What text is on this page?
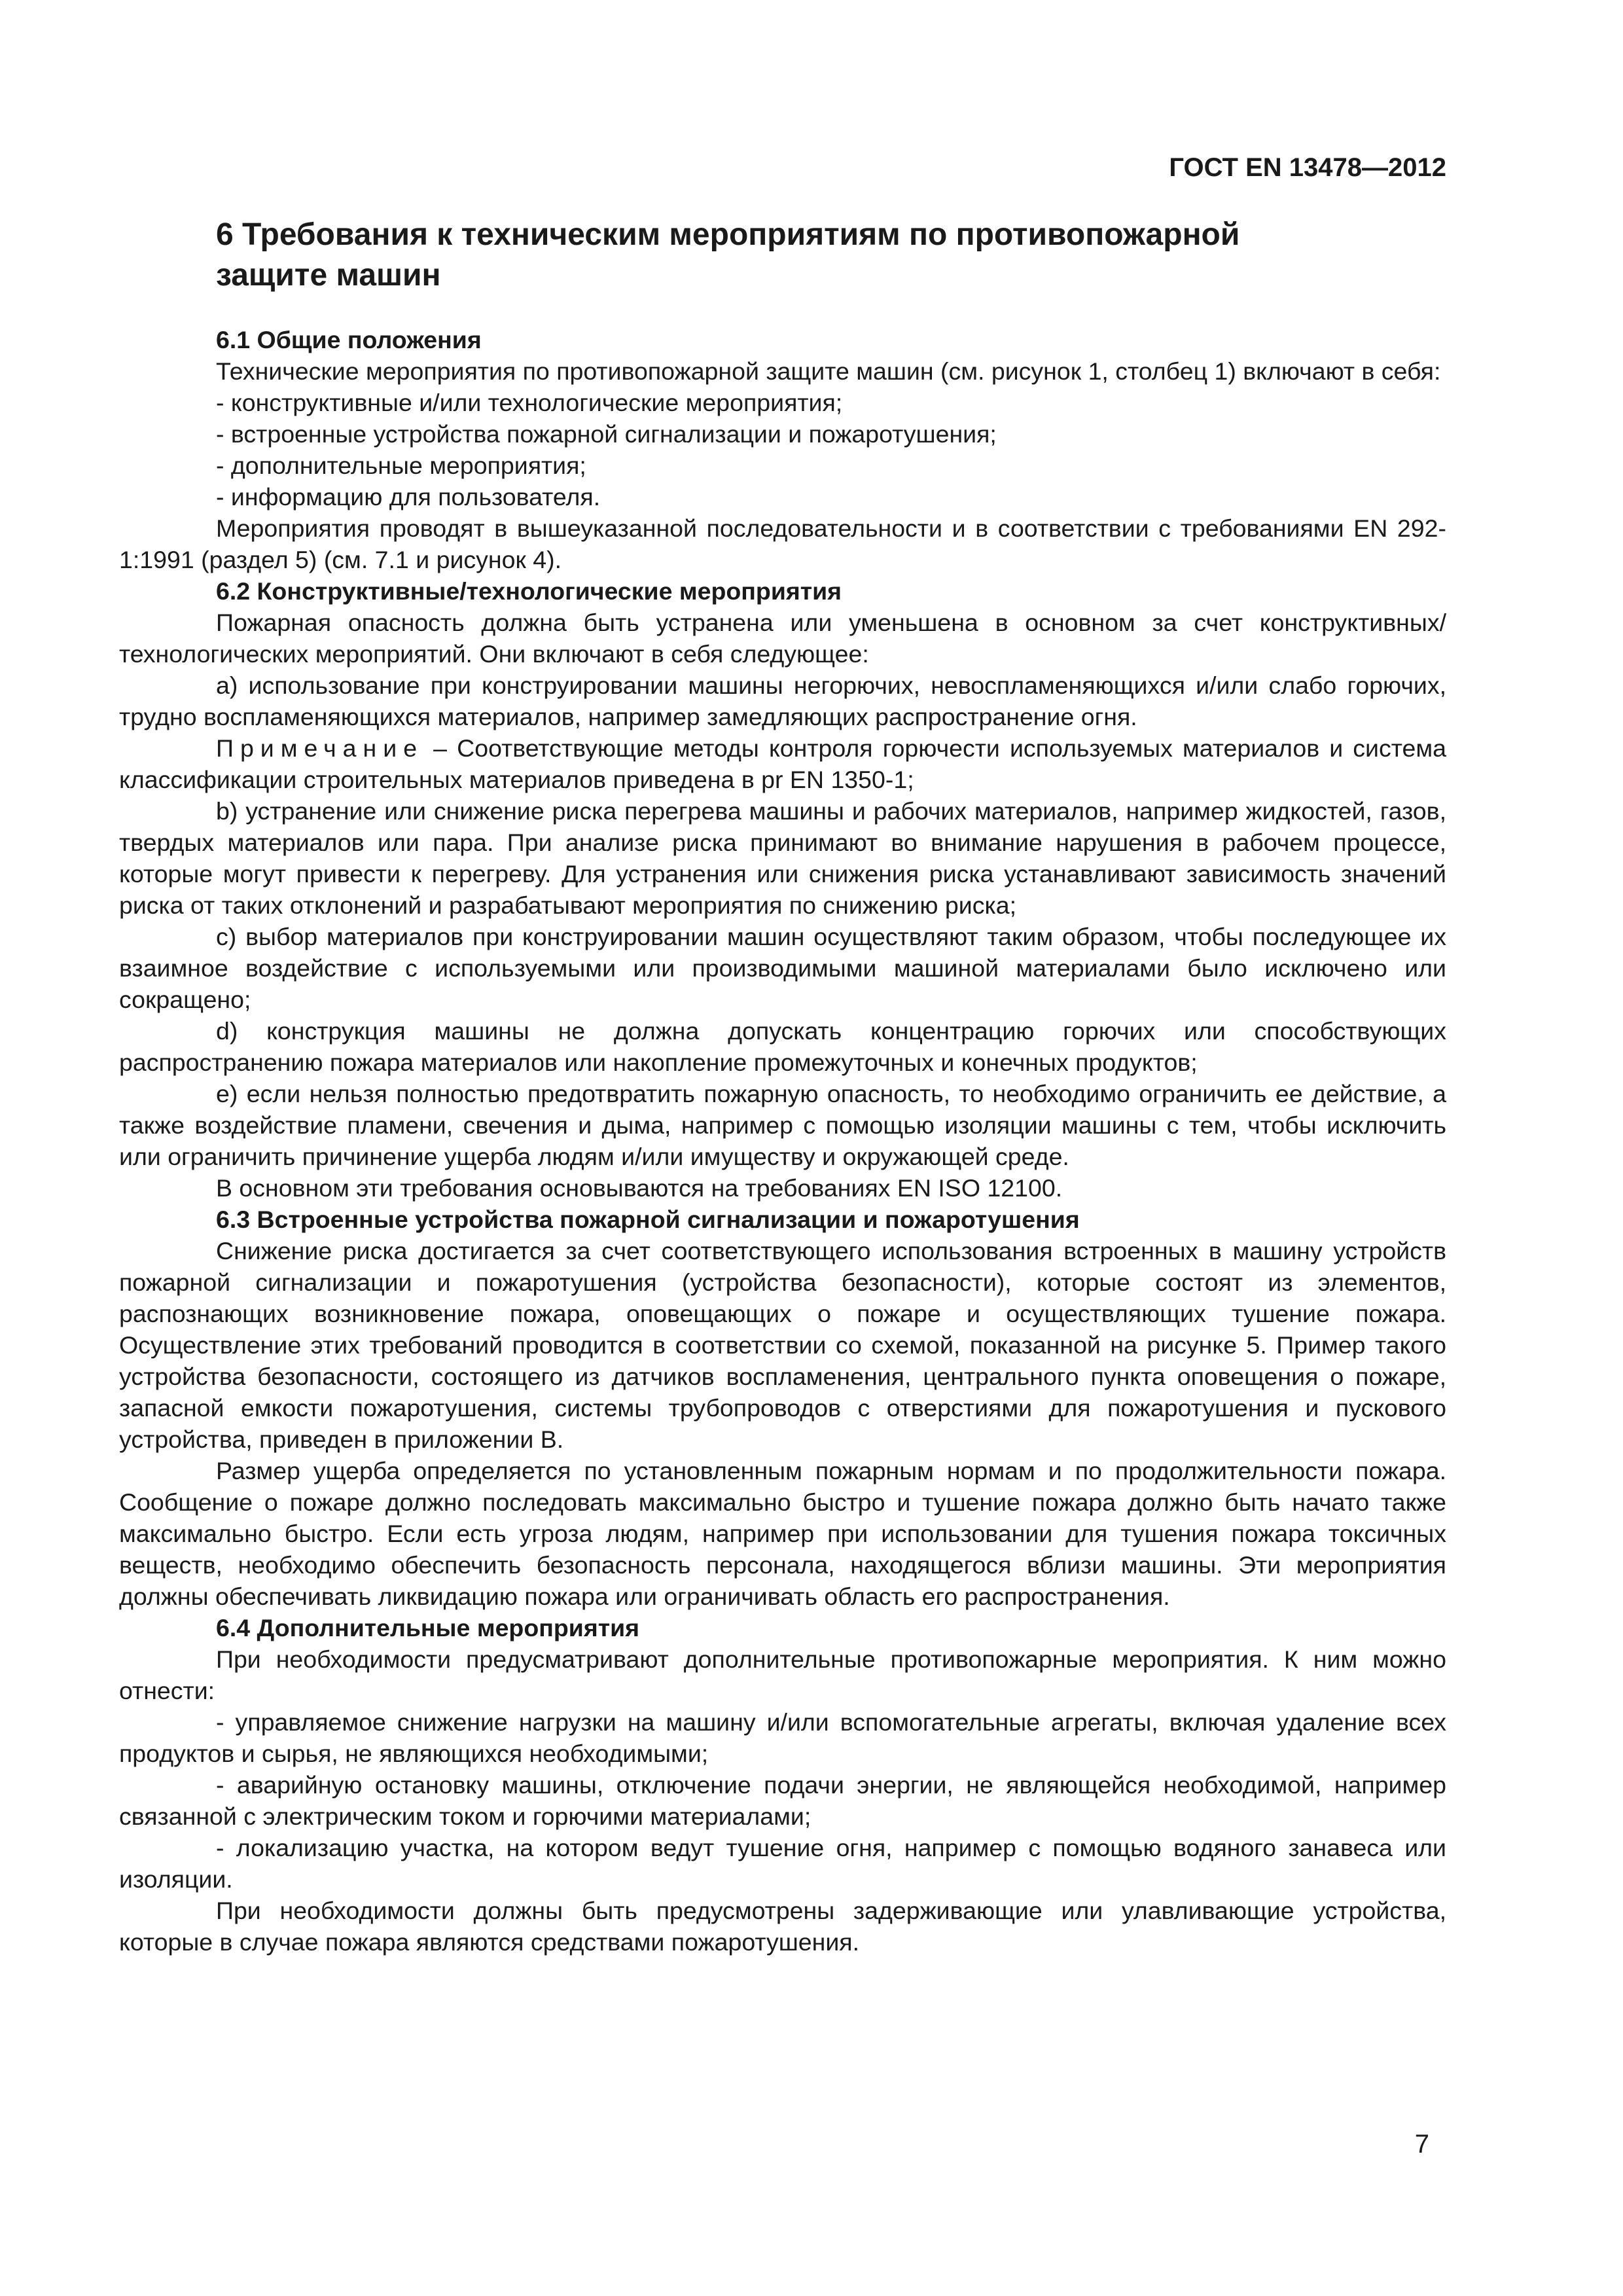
ГОСТ EN 13478—2012
6 Требования к техническим мероприятиям по противопожарной защите машин
6.1 Общие положения

Технические мероприятия по противопожарной защите машин (см. рисунок 1, столбец 1) включают в себя:

- конструктивные и/или технологические мероприятия;

- встроенные устройства пожарной сигнализации и пожаротушения;

- дополнительные мероприятия;

- информацию для пользователя.

Мероприятия проводят в вышеуказанной последовательности и в соответствии с требованиями EN 292-1:1991 (раздел 5) (см. 7.1 и рисунок 4).

6.2 Конструктивные/технологические мероприятия

Пожарная опасность должна быть устранена или уменьшена в основном за счет конструктивных/технологических мероприятий. Они включают в себя следующее:

а) использование при конструировании машины негорючих, невоспламеняющихся и/или слабо горючих, трудно воспламеняющихся материалов, например замедляющих распространение огня.

Примечание – Соответствующие методы контроля горючести используемых материалов и система классификации строительных материалов приведена в pr EN 1350-1;

b) устранение или снижение риска перегрева машины и рабочих материалов, например жидкостей, газов, твердых материалов или пара. При анализе риска принимают во внимание нарушения в рабочем процессе, которые могут привести к перегреву. Для устранения или снижения риска устанавливают зависимость значений риска от таких отклонений и разрабатывают мероприятия по снижению риска;

с) выбор материалов при конструировании машин осуществляют таким образом, чтобы последующее их взаимное воздействие с используемыми или производимыми машиной материалами было исключено или сокращено;

d) конструкция машины не должна допускать концентрацию горючих или способствующих распространению пожара материалов или накопление промежуточных и конечных продуктов;

е) если нельзя полностью предотвратить пожарную опасность, то необходимо ограничить ее действие, а также воздействие пламени, свечения и дыма, например с помощью изоляции машины с тем, чтобы исключить или ограничить причинение ущерба людям и/или имуществу и окружающей среде.

В основном эти требования основываются на требованиях EN ISO 12100.

6.3 Встроенные устройства пожарной сигнализации и пожаротушения

Снижение риска достигается за счет соответствующего использования встроенных в машину устройств пожарной сигнализации и пожаротушения (устройства безопасности), которые состоят из элементов, распознающих возникновение пожара, оповещающих о пожаре и осуществляющих тушение пожара. Осуществление этих требований проводится в соответствии со схемой, показанной на рисунке 5. Пример такого устройства безопасности, состоящего из датчиков воспламенения, центрального пункта оповещения о пожаре, запасной емкости пожаротушения, системы трубопроводов с отверстиями для пожаротушения и пускового устройства, приведен в приложении В.

Размер ущерба определяется по установленным пожарным нормам и по продолжительности пожара. Сообщение о пожаре должно последовать максимально быстро и тушение пожара должно быть начато также максимально быстро. Если есть угроза людям, например при использовании для тушения пожара токсичных веществ, необходимо обеспечить безопасность персонала, находящегося вблизи машины. Эти мероприятия должны обеспечивать ликвидацию пожара или ограничивать область его распространения.

6.4 Дополнительные мероприятия

При необходимости предусматривают дополнительные противопожарные мероприятия. К ним можно отнести:

- управляемое снижение нагрузки на машину и/или вспомогательные агрегаты, включая удаление всех продуктов и сырья, не являющихся необходимыми;

- аварийную остановку машины, отключение подачи энергии, не являющейся необходимой, например связанной с электрическим током и горючими материалами;

- локализацию участка, на котором ведут тушение огня, например с помощью водяного занавеса или изоляции.

При необходимости должны быть предусмотрены задерживающие или улавливающие устройства, которые в случае пожара являются средствами пожаротушения.

7
